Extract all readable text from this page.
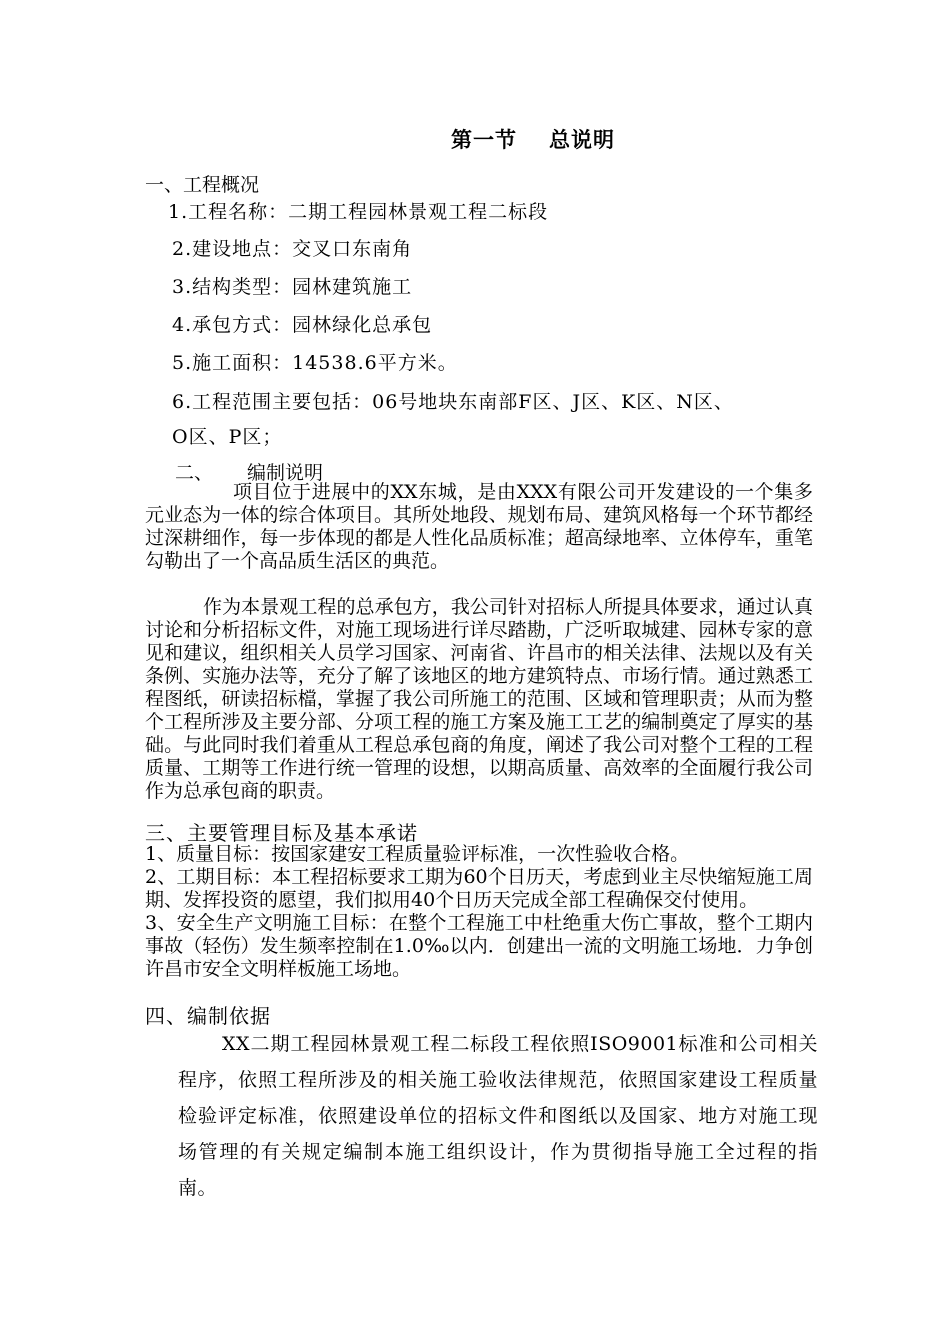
第一节 总说明
一、工程概况
1.工程名称：二期工程园林景观工程二标段
2.建设地点：交叉口东南角
3.结构类型：园林建筑施工
4.承包方式：园林绿化总承包
5.施工面积：14538.6平方米。
6.工程范围主要包括：06号地块东南部F区、J区、K区、N区、
O区、P区；
二、 编制说明
项目位于进展中的XX东城，是由XXX有限公司开发建设的一个集多元业态为一体的综合体项目。其所处地段、规划布局、建筑风格每一个环节都经过深耕细作，每一步体现的都是人性化品质标准；超高绿地率、立体停车，重笔勾勒出了一个高品质生活区的典范。
作为本景观工程的总承包方，我公司针对招标人所提具体要求，通过认真讨论和分析招标文件，对施工现场进行详尽踏勘，广泛听取城建、园林专家的意见和建议，组织相关人员学习国家、河南省、许昌市的相关法律、法规以及有关条例、实施办法等，充分了解了该地区的地方建筑特点、市场行情。通过熟悉工程图纸，研读招标檔，掌握了我公司所施工的范围、区域和管理职责；从而为整个工程所涉及主要分部、分项工程的施工方案及施工工艺的编制奠定了厚实的基础。与此同时我们着重从工程总承包商的角度，阐述了我公司对整个工程的工程质量、工期等工作进行统一管理的设想，以期高质量、高效率的全面履行我公司作为总承包商的职责。
三、主要管理目标及基本承诺
1、质量目标：按国家建安工程质量验评标准，一次性验收合格。
2、工期目标：本工程招标要求工期为60个日历天，考虑到业主尽快缩短施工周期、发挥投资的愿望，我们拟用40个日历天完成全部工程确保交付使用。
3、安全生产文明施工目标：在整个工程施工中杜绝重大伤亡事故，整个工期内事故（轻伤）发生频率控制在1.0‰以内．创建出一流的文明施工场地．力争创许昌市安全文明样板施工场地。
四、编制依据
XX二期工程园林景观工程二标段工程依照ISO9001标准和公司相关程序，依照工程所涉及的相关施工验收法律规范，依照国家建设工程质量检验评定标准，依照建设单位的招标文件和图纸以及国家、地方对施工现场管理的有关规定编制本施工组织设计，作为贯彻指导施工全过程的指南。
